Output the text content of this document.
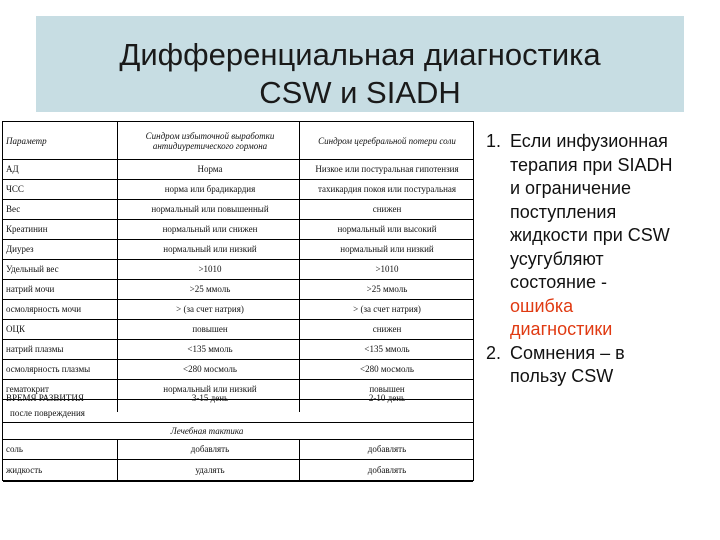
Дифференциальная диагностика
CSW и SIADH
Параметр	Синдром избыточной выработки антидиуретического гормона	Синдром церебральной потери соли
АД	Норма	Низкое или постуральная гипотензия
ЧСС	норма или брадикардия	тахикардия покоя или постуральная
Вес	нормальный или повышенный	снижен
Креатинин	нормальный или снижен	нормальный или высокий
Диурез	нормальный или низкий	нормальный или низкий
Удельный вес	>1010	>1010
натрий мочи	>25 ммоль	>25 ммоль
осмолярность мочи	> (за счет натрия)	> (за счет натрия)
ОЦК	повышен	снижен
натрий плазмы	<135 ммоль	<135 ммоль
осмолярность плазмы	<280 мосмоль	<280 мосмоль
гематокрит	нормальный или низкий	повышен
ВРЕМЯ РАЗВИТИЯ	3-15 день	2-10 день
после повреждения
Лечебная тактика
соль	добавлять	добавлять
жидкость	удалять	добавлять
1. Если инфузионная
терапия при SIADH
и ограничение
поступления
жидкости при CSW
усугубляют
состояние -
ошибка
диагностики
2. Сомнения – в
пользу CSW
